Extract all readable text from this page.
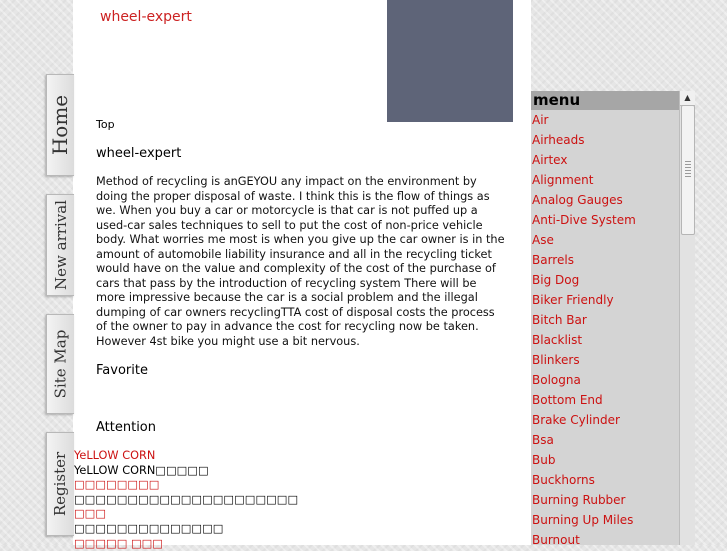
wheel-expert
Home
New arrival
Site Map
Register
Top
wheel-expert

Method of recycling is anGEYOU any impact on the environment by doing the proper disposal of waste. I think this is the flow of things as we. When you buy a car or motorcycle is that car is not puffed up a used-car sales techniques to sell to put the cost of non-price vehicle body. What worries me most is when you give up the car owner is in the amount of automobile liability insurance and all in the recycling ticket would have on the value and complexity of the cost of the purchase of cars that pass by the introduction of recycling system There will be more impressive because the car is a social problem and the illegal dumping of car owners recyclingTTA cost of disposal costs the process of the owner to pay in advance the cost for recycling now be taken. However 4st bike you might use a bit nervous.

Favorite
Attention
YeLLOW CORN
YeLLOW CORN□□□□□
□□□□□□□□
□□□□□□□□□□□□□□□□□□□□□
□□□
□□□□□□□□□□□□□□
□□□□□ □□□
menu
Air
Airheads
Airtex
Alignment
Analog Gauges
Anti-Dive System
Ase
Barrels
Big Dog
Biker Friendly
Bitch Bar
Blacklist
Blinkers
Bologna
Bottom End
Brake Cylinder
Bsa
Bub
Buckhorns
Burning Rubber
Burning Up Miles
Burnout
▲
